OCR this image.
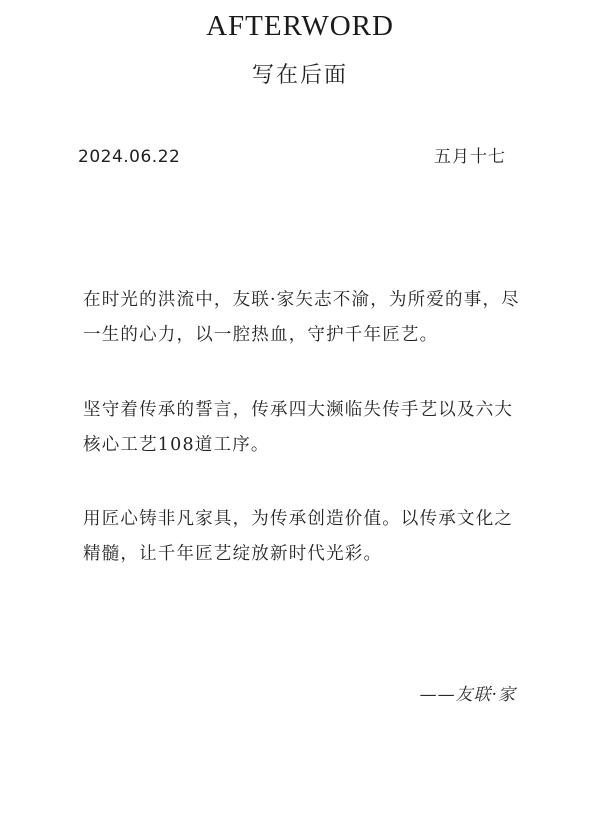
AFTERWORD
写在后面
2024.06.22	五月十七

在时光的洪流中，友联·家矢志不渝，为所爱的事，尽一生的心力，以一腔热血，守护千年匠艺。

坚守着传承的誓言，传承四大濒临失传手艺以及六大核心工艺108道工序。

用匠心铸非凡家具，为传承创造价值。以传承文化之精髓，让千年匠艺绽放新时代光彩。

——友联·家
